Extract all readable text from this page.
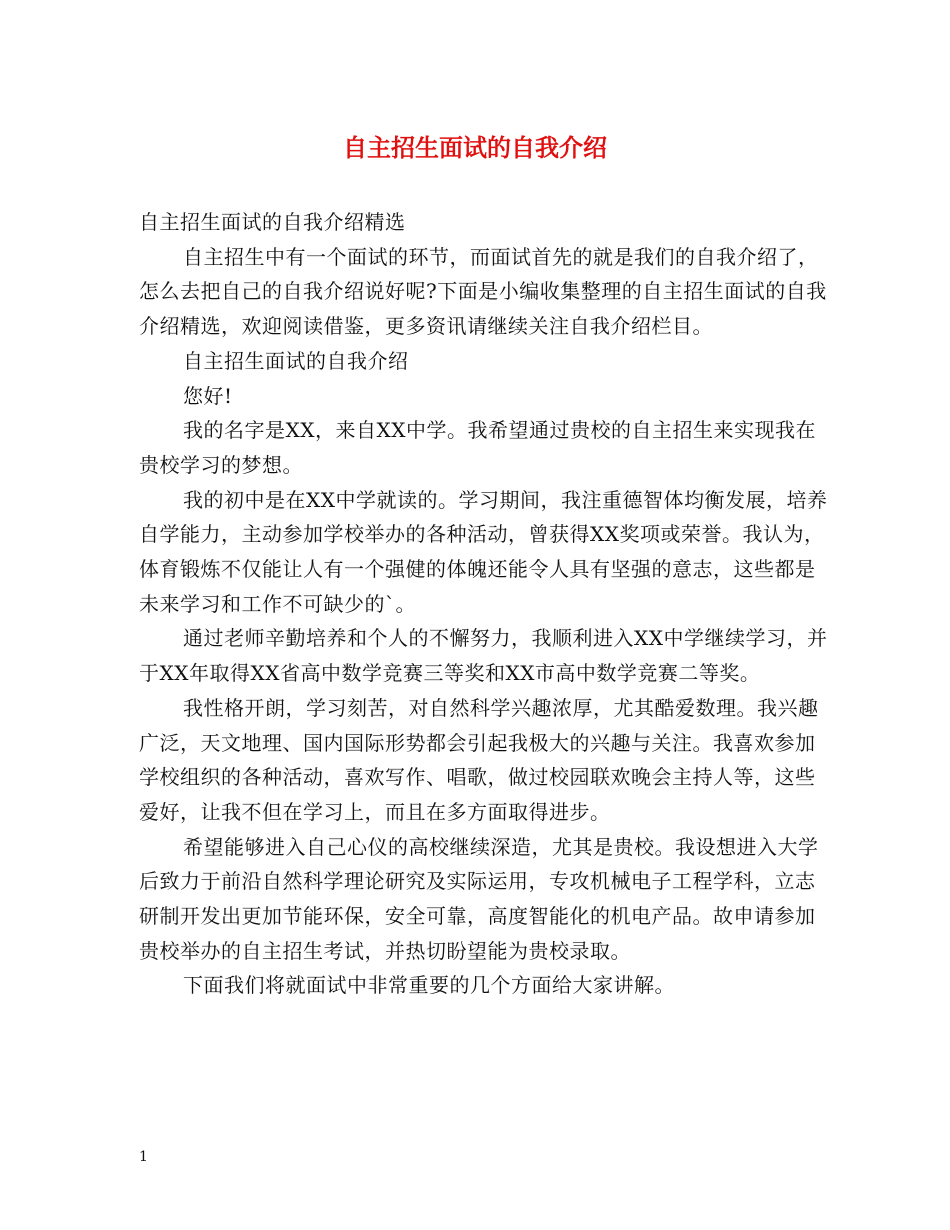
自主招生面试的自我介绍

自主招生面试的自我介绍精选

自主招生中有一个面试的环节，而面试首先的就是我们的自我介绍了，怎么去把自己的自我介绍说好呢?下面是小编收集整理的自主招生面试的自我介绍精选，欢迎阅读借鉴，更多资讯请继续关注自我介绍栏目。

自主招生面试的自我介绍

您好!

我的名字是XX，来自XX中学。我希望通过贵校的自主招生来实现我在贵校学习的梦想。

我的初中是在XX中学就读的。学习期间，我注重德智体均衡发展，培养自学能力，主动参加学校举办的各种活动，曾获得XX奖项或荣誉。我认为，体育锻炼不仅能让人有一个强健的体魄还能令人具有坚强的意志，这些都是未来学习和工作不可缺少的`。

通过老师辛勤培养和个人的不懈努力，我顺利进入XX中学继续学习，并于XX年取得XX省高中数学竞赛三等奖和XX市高中数学竞赛二等奖。

我性格开朗，学习刻苦，对自然科学兴趣浓厚，尤其酷爱数理。我兴趣广泛，天文地理、国内国际形势都会引起我极大的兴趣与关注。我喜欢参加学校组织的各种活动，喜欢写作、唱歌，做过校园联欢晚会主持人等，这些爱好，让我不但在学习上，而且在多方面取得进步。

希望能够进入自己心仪的高校继续深造，尤其是贵校。我设想进入大学后致力于前沿自然科学理论研究及实际运用，专攻机械电子工程学科，立志研制开发出更加节能环保，安全可靠，高度智能化的机电产品。故申请参加贵校举办的自主招生考试，并热切盼望能为贵校录取。

下面我们将就面试中非常重要的几个方面给大家讲解。

1
